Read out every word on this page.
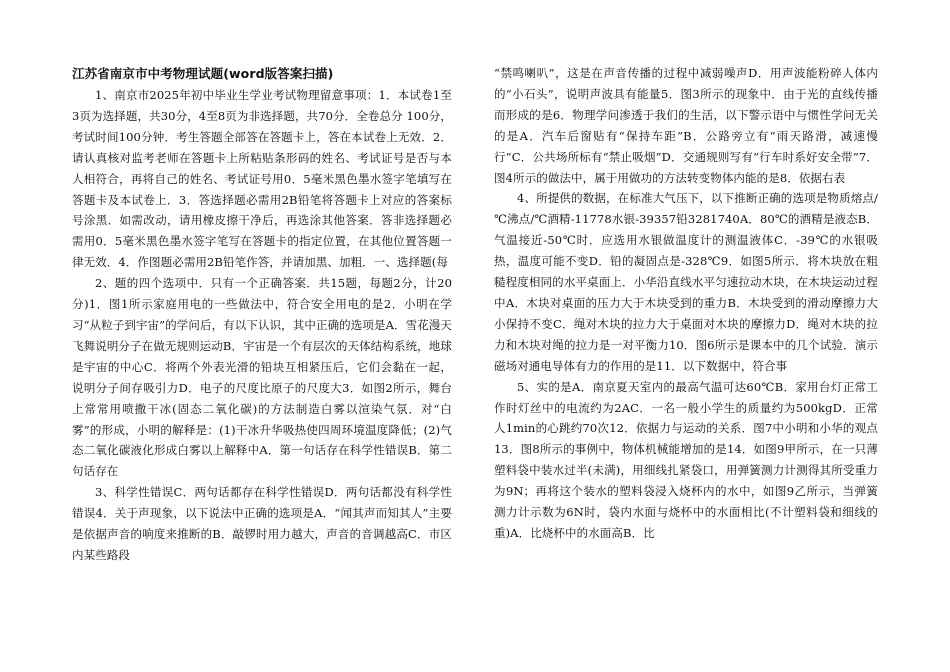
江苏省南京市中考物理试题(word版答案扫描)

1、南京市2025年初中毕业生学业考试物理留意事项：1．本试卷1至3页为选择题，共30分，4至8页为非选择题，共70分．全卷总分 100分，考试时间100分钟．考生答题全部答在答题卡上，答在本试卷上无效．2．请认真核对监考老师在答题卡上所粘贴条形码的姓名、考试证号是否与本人相符合，再将自己的姓名、考试证号用0．5毫米黑色墨水签字笔填写在答题卡及本试卷上．3．答选择题必需用2B铅笔将答题卡上对应的答案标号涂黑．如需改动，请用橡皮擦干净后，再选涂其他答案．答非选择题必需用0．5毫米黑色墨水签字笔写在答题卡的指定位置，在其他位置答题一律无效．4．作图题必需用2B铅笔作答，并请加黑、加粗．一、选择题(每

2、题的四个选项中．只有一个正确答案．共15题，每题2分，计20分)1．图1所示家庭用电的一些做法中，符合安全用电的是2．小明在学习“从粒子到宇宙”的学问后，有以下认识，其中正确的选项是A．雪花漫天飞舞说明分子在做无规则运动B．宇宙是一个有层次的天体结构系统，地球是宇宙的中心C．将两个外表光滑的铅块互相紧压后，它们会黏在一起，说明分子间存吸引力D．电子的尺度比原子的尺度大3．如图2所示，舞台上常常用喷撒干冰(固态二氧化碳)的方法制造白雾以渲染气氛．对“白雾”的形成，小明的解释是：(1)干冰升华吸热使四周环境温度降低；(2)气态二氧化碳液化形成白雾以上解释中A．第一句话存在科学性错误B．第二句话存在

3、科学性错误C．两句话都存在科学性错误D．两句话都没有科学性错误4．关于声现象，以下说法中正确的选项是A．“闻其声而知其人”主要是依据声音的响度来推断的B．敲锣时用力越大，声音的音调越高C．市区内某些路段

“禁鸣喇叭”，这是在声音传播的过程中减弱噪声D．用声波能粉碎人体内的“小石头”，说明声波具有能量5．图3所示的现象中．由于光的直线传播而形成的是6．物理学问渗透于我们的生活，以下警示语中与惯性学问无关的是A．汽车后窗贴有“保持车距”B．公路旁立有“雨天路滑，减速慢行”C．公共场所标有“禁止吸烟”D．交通规则写有“行车时系好安全带”7．图4所示的做法中，属于用做功的方法转变物体内能的是8．依据右表

4、所提供的数据，在标准大气压下，以下推断正确的选项是物质熔点/℃沸点/℃酒精-11778水银-39357铅3281740A．80℃的酒精是液态B．气温接近-50℃时．应选用水银做温度计的测温液体C．-39℃的水银吸热，温度可能不变D．铅的凝固点是-328℃9．如图5所示．将木块放在粗糙程度相同的水平桌面上．小华沿直线水平匀速拉动木块，在木块运动过程中A．木块对桌面的压力大于木块受到的重力B．木块受到的滑动摩擦力大小保持不变C．绳对木块的拉力大于桌面对木块的摩擦力D．绳对木块的拉力和木块对绳的拉力是一对平衡力10．图6所示是课本中的几个试验．演示磁场对通电导体有力的作用的是11．以下数据中，符合事

5、实的是A．南京夏天室内的最高气温可达60℃B．家用台灯正常工作时灯丝中的电流约为2AC．一名一般小学生的质量约为500kgD．正常人1min的心跳约70次12．依据力与运动的关系．图7中小明和小华的观点13．图8所示的事例中，物体机械能增加的是14．如图9甲所示，在一只薄塑料袋中装水过半(未满)，用细线扎紧袋口，用弹簧测力计测得其所受重力为9N；再将这个装水的塑料袋浸入烧杯内的水中，如图9乙所示，当弹簧测力计示数为6N时，袋内水面与烧杯中的水面相比(不计塑料袋和细线的重)A．比烧杯中的水面高B．比
